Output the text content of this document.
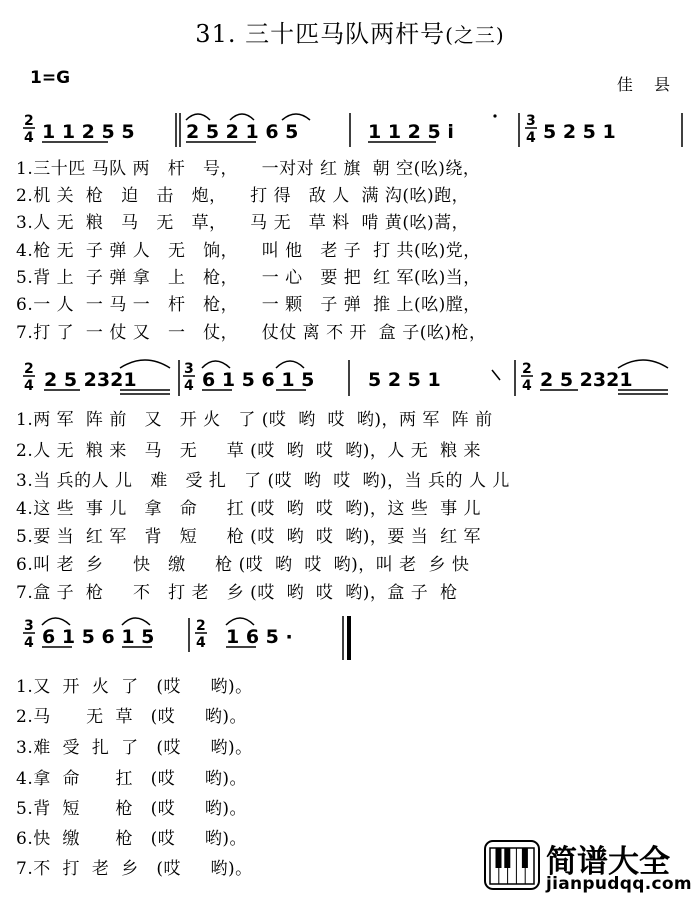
31. 三十匹马队两杆号(之三)
1=G	佳 县
2
4 1 1 2 5 5	2 5 2 1 6 5	1 1 2 5 i	3
4 5 2 5 1
2
4 2 5 2321	3
4 6 1 5 6 1 5	5 2 5 1	2
4 2 5 2321
3
4 6 1 5 6 1 5	2
4 1 6 5 ·
1.三十匹 马队 两   杆   号，    一对对 红 旗  朝 空(吆)绕，
2.机 关  枪   迫   击   炮，    打 得   敌 人  满 沟(吆)跑，
3.人 无  粮   马   无   草，    马 无   草 料  啃 黄(吆)蒿，
4.枪 无  子 弹 人   无   饷，    叫 他   老 子  打 共(吆)党，
5.背 上  子 弹 拿   上   枪，    一 心   要 把  红 军(吆)当，
6.一 人  一 马 一   杆   枪，    一 颗   子 弹  推 上(吆)膛，
7.打 了  一 仗 又   一   仗，    仗仗 离 不 开  盒 子(吆)枪，
1.两 军  阵 前   又   开 火   了 (哎  哟  哎  哟)，两 军  阵 前
2.人 无  粮 来   马   无     草 (哎  哟  哎  哟)，人 无  粮 来
3.当 兵的人 儿   难   受 扎   了 (哎  哟  哎  哟)，当 兵的 人 儿
4.这 些  事 儿   拿   命     扛 (哎  哟  哎  哟)，这 些  事 儿
5.要 当  红 军   背   短     枪 (哎  哟  哎  哟)，要 当  红 军
6.叫 老  乡     快   缴     枪 (哎  哟  哎  哟)，叫 老  乡 快
7.盒 子  枪     不   打 老   乡 (哎  哟  哎  哟)，盒 子  枪
1.又  开  火  了   (哎     哟)。
2.马      无  草   (哎     哟)。
3.难  受  扎  了   (哎     哟)。
4.拿  命      扛   (哎     哟)。
5.背  短      枪   (哎     哟)。
6.快  缴      枪   (哎     哟)。
7.不  打  老  乡   (哎     哟)。	简谱大全
jianpudqq.com
